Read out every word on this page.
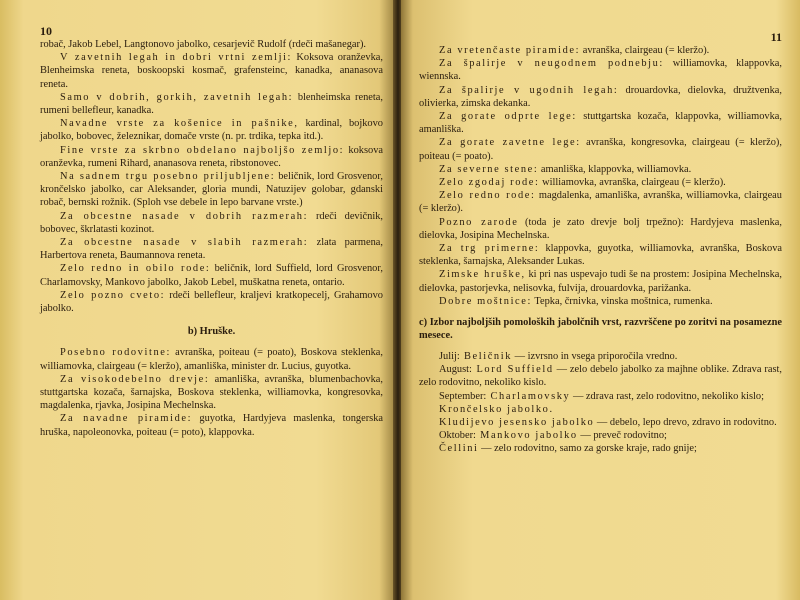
10

robač, Jakob Lebel, Langtonovo jabolko, cesarjevič Rudolf (rdeči mašanegar).

V zavetnih legah in dobri vrtni zemlji: Koksova oranževka, Blenheimska reneta, boskoopski kosmač, grafensteinc, kanadka, ananasova reneta.

Samo v dobrih, gorkih, zavetnih legah: blenheimska reneta, rumeni bellefleur, kanadka.

Navadne vrste za košenice in pašnike, kardinal, bojkovo jabolko, bobovec, železnikar, domače vrste (n. pr. trdika, tepka itd.).

Fine vrste za skrbno obdelano najboljšo zemljo: koksova oranževka, rumeni Rihard, ananasova reneta, ribstonovec.

Na sadnem trgu posebno priljubljene: beličnik, lord Grosvenor, krončelsko jabolko, car Aleksander, gloria mundi, Natuzijev golobar, gdanski robač, bernski rožnik. (Sploh vse debele in lepo barvane vrste.)

Za obcestne nasade v dobrih razmerah: rdeči devičnik, bobovec, škrlatasti kozinot.

Za obcestne nasade v slabih razmerah: zlata parmena, Harbertova reneta, Baumannova reneta.

Zelo redno in obilo rode: beličnik, lord Suffield, lord Grosvenor, Charlamovsky, Mankovo jabolko, Jakob Lebel, muškatna reneta, ontario.

Zelo pozno cveto: rdeči bellefleur, kraljevi kratkopecelj, Grahamovo jabolko.

b) Hruške.

Posebno rodovitne: avranška, poiteau (= poato), Boskova steklenka, williamovka, clairgeau (= kleržo), amanliška, minister dr. Lucius, guyotka.

Za visokodebelno drevje: amanliška, avranška, blumenbachovka, stuttgartska kozača, šarnajska, Boskova steklenka, williamovka, kongresovka, magdalenka, rjavka, Josipina Mechelnska.

Za navadne piramide: guyotka, Hardyjeva maslenka, tongerska hruška, napoleonovka, poiteau (= poto), klappovka.

11

Za vretenčaste piramide: avranška, clairgeau (= kleržo).

Za špalirje v neugodnem podnebju: williamovka, klappovka, wiennska.

Za špalirje v ugodnih legah: drouardovka, dielovka, družtvenka, olivierka, zimska dekanka.

Za gorate odprte lege: stuttgartska kozača, klappovka, williamovka, amanliška.

Za gorate zavetne lege: avranška, kongresovka, clairgeau (= kleržo), poiteau (= poato).

Za severne stene: amanliška, klappovka, williamovka.

Zelo zgodaj rode: williamovka, avranška, clairgeau (= kleržo).

Zelo redno rode: magdalenka, amanliška, avranška, williamovka, clairgeau (= kleržo).

Pozno zarode (toda je zato drevje bolj trpežno): Hardyjeva maslenka, dielovka, Josipina Mechelnska.

Za trg primerne: klappovka, guyotka, williamovka, avranška, Boskova steklenka, šarnajska, Aleksander Lukas.

Zimske hruške, ki pri nas uspevajo tudi še na prostem: Josipina Mechelnska, dielovka, pastorjevka, nelisovka, fulvija, drouardovka, parižanka.

Dobre moštnice: Tepka, črnivka, vinska moštnica, rumenka.

c) Izbor najboljših pomoloških jabolčnih vrst, razvrščene po zoritvi na posamezne mesece.

Julij: Beličnik — izvrsno in vsega priporočila vredno.

August: Lord Suffield — zelo debelo jabolko za majhne oblike. Zdrava rast, zelo rodovitno, nekoliko kislo.

September: Charlamovsky — zdrava rast, zelo rodovitno, nekoliko kislo;

Krončelsko jabolko.

Kludijevo jesensko jabolko — debelo, lepo drevo, zdravo in rodovitno.

Oktober: Mankovo jabolko — preveč rodovitno;

Čellini — zelo rodovitno, samo za gorske kraje, rado gnije;
